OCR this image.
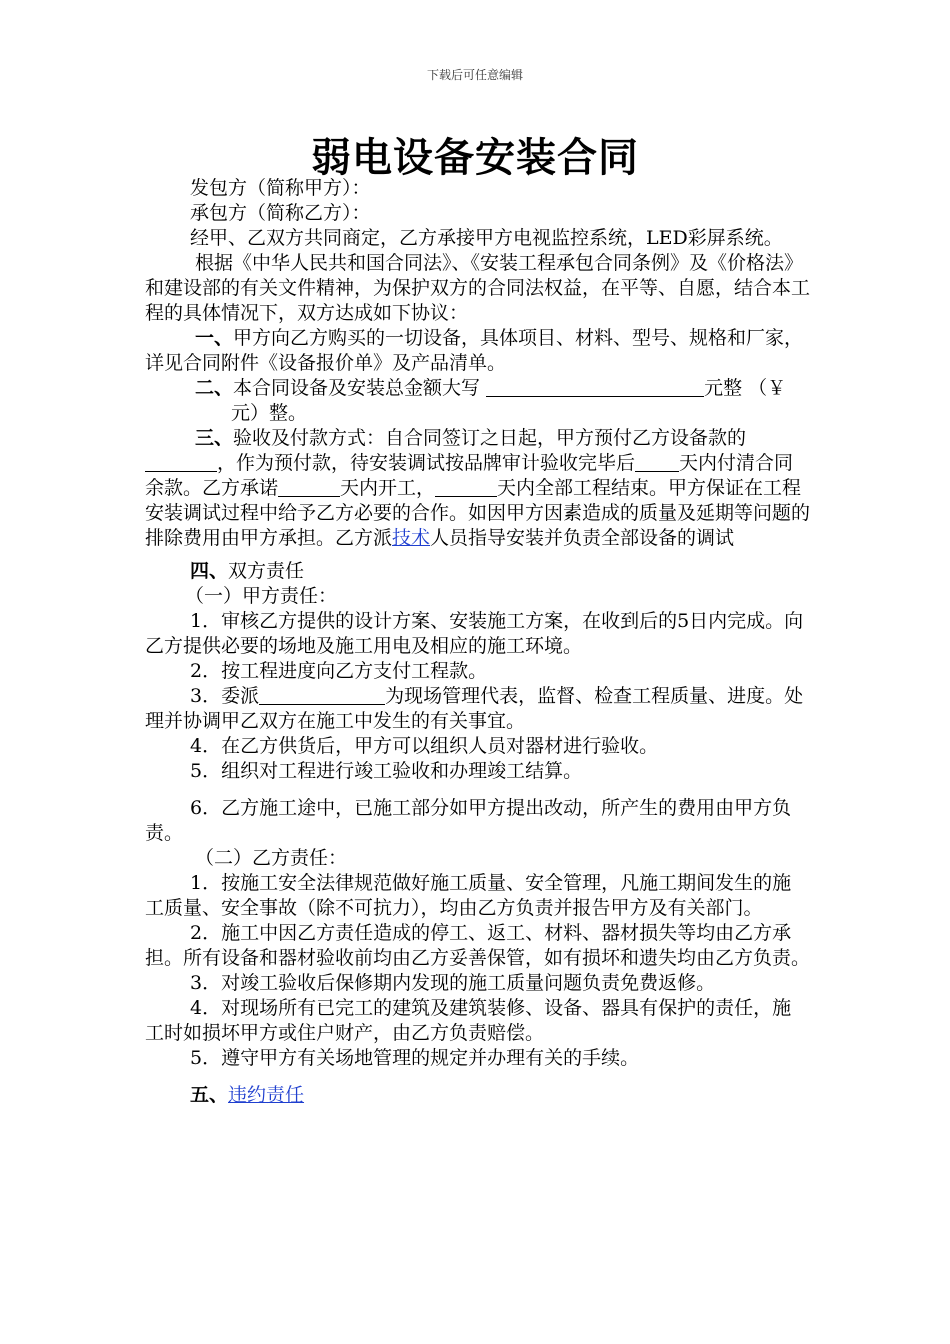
下载后可任意编辑
弱电设备安装合同

发包方（简称甲方）：

承包方（简称乙方）：

经甲、乙双方共同商定，乙方承接甲方电视监控系统，LED彩屏系统。

根据《中华人民共和国合同法》、《安装工程承包合同条例》及《价格法》和建设部的有关文件精神，为保护双方的合同法权益，在平等、自愿，结合本工程的具体情况下，双方达成如下协议：

一、甲方向乙方购买的一切设备，具体项目、材料、型号、规格和厂家，详见合同附件《设备报价单》及产品清单。

二、本合同设备及安装总金额大写	元整 （￥元）整。

三、验收及付款方式：自合同签订之日起，甲方预付乙方设备款的，作为预付款，待安装调试按品牌审计验收完毕后 天内付清合同余款。乙方承诺	天内开工，	天内全部工程结束。甲方保证在工程安装调试过程中给予乙方必要的合作。如因甲方因素造成的质量及延期等问题的排除费用由甲方承担。乙方派技术人员指导安装并负责全部设备的调试

四、双方责任

（一）甲方责任：

1．审核乙方提供的设计方案、安装施工方案，在收到后的5日内完成。向乙方提供必要的场地及施工用电及相应的施工环境。

2．按工程进度向乙方支付工程款。

3．委派	为现场管理代表，监督、检查工程质量、进度。处理并协调甲乙双方在施工中发生的有关事宜。

4．在乙方供货后，甲方可以组织人员对器材进行验收。

5．组织对工程进行竣工验收和办理竣工结算。

6．乙方施工途中，已施工部分如甲方提出改动，所产生的费用由甲方负责。

（二）乙方责任：

1．按施工安全法律规范做好施工质量、安全管理，凡施工期间发生的施工质量、安全事故（除不可抗力），均由乙方负责并报告甲方及有关部门。

2．施工中因乙方责任造成的停工、返工、材料、器材损失等均由乙方承担。所有设备和器材验收前均由乙方妥善保管，如有损坏和遗失均由乙方负责。

3．对竣工验收后保修期内发现的施工质量问题负责免费返修。

4．对现场所有已完工的建筑及建筑装修、设备、器具有保护的责任，施工时如损坏甲方或住户财产，由乙方负责赔偿。

5．遵守甲方有关场地管理的规定并办理有关的手续。

五、违约责任
